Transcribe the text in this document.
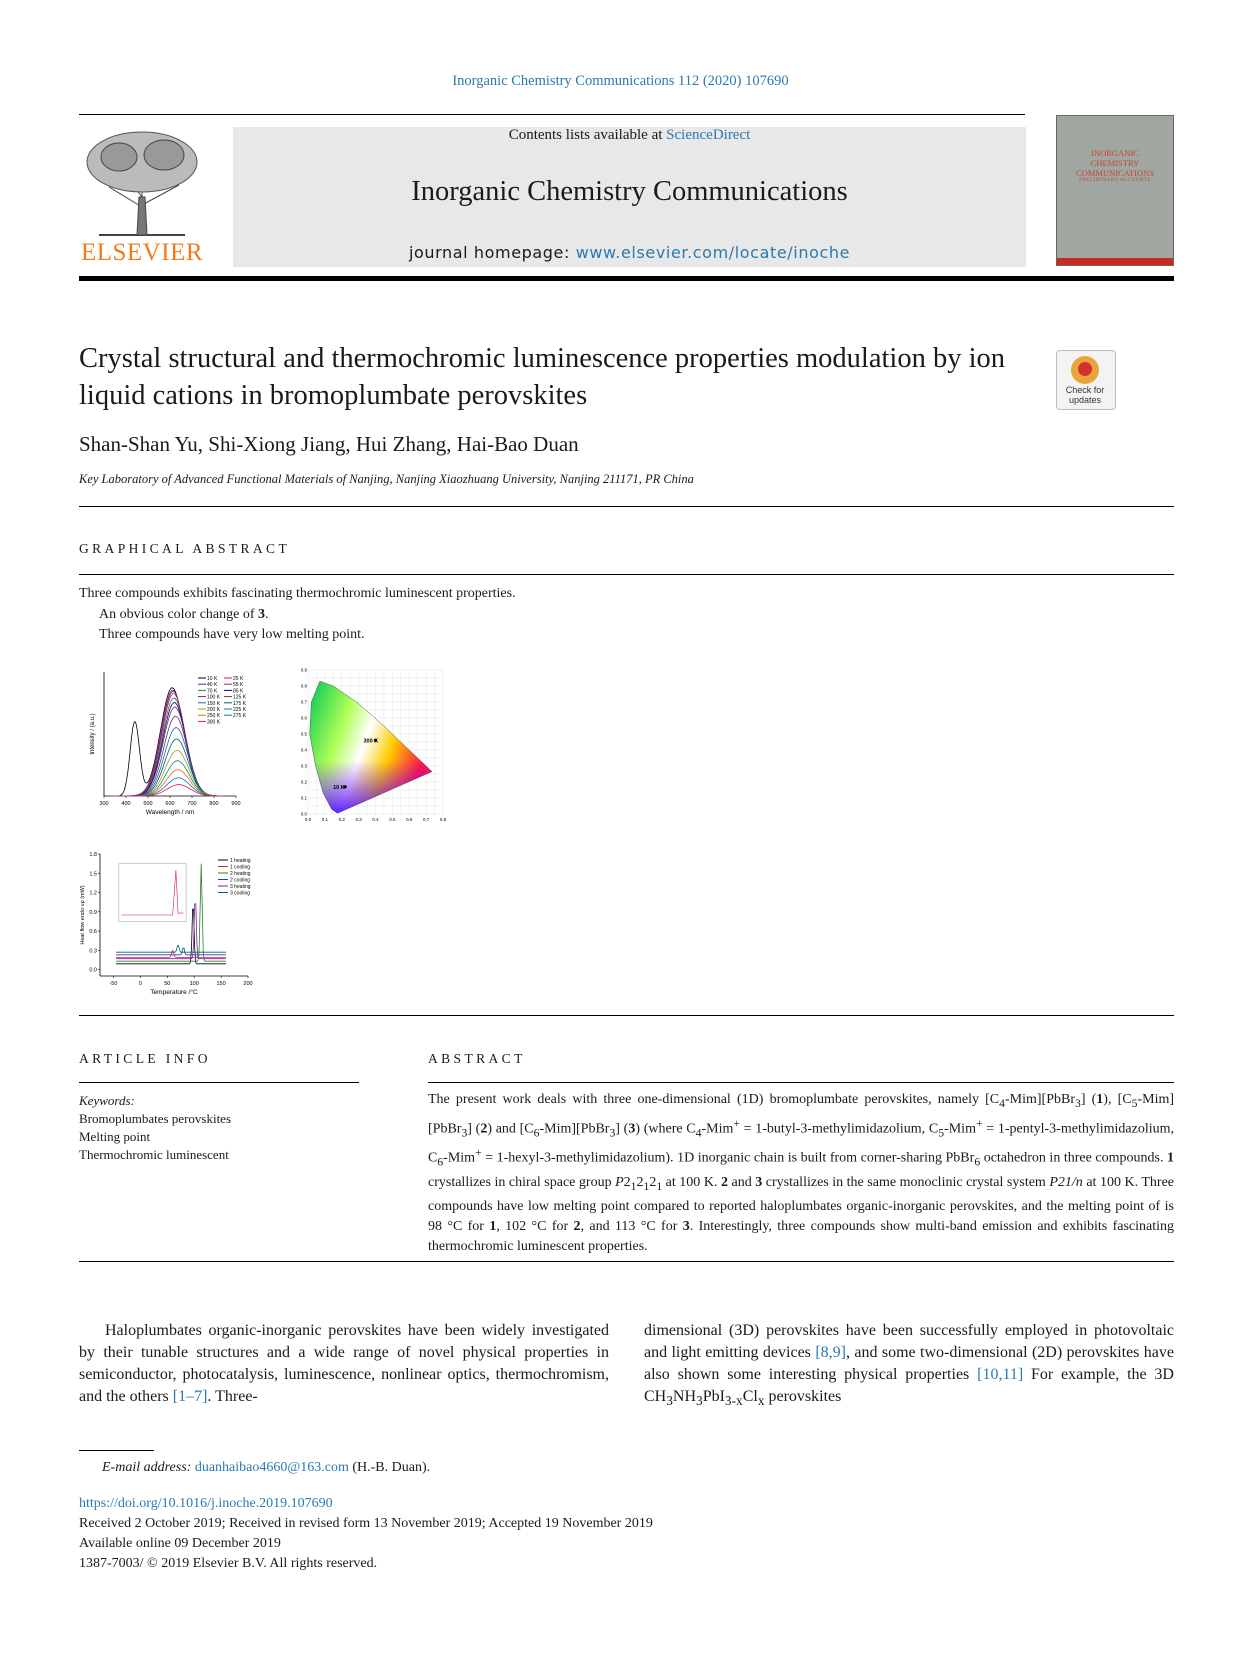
Inorganic Chemistry Communications 112 (2020) 107690
ELSEVIER
Contents lists available at ScienceDirect
Inorganic Chemistry Communications
journal homepage: www.elsevier.com/locate/inoche
INORGANIC
CHEMISTRY
COMMUNICATIONS
PRELIMINARY ACCOUNTS
Crystal structural and thermochromic luminescence properties modulation by ion liquid cations in bromoplumbate perovskites	Check for updates
Shan-Shan Yu, Shi-Xiong Jiang, Hui Zhang, Hai-Bao Duan
Key Laboratory of Advanced Functional Materials of Nanjing, Nanjing Xiaozhuang University, Nanjing 211171, PR China
GRAPHICAL ABSTRACT
Three compounds exhibits fascinating thermochromic luminescent properties.
An obvious color change of 3.
Three compounds have very low melting point.
300 400 500 600 700 800 900
Wavelength / nm
Intensity / (a.u.)
10 K	25 K
40 K	55 K
70 K	85 K
100 K	125 K
150 K	175 K
200 K	225 K
250 K	275 K
300 K
300 K
10 K
0.0 0.1 0.2 0.3 0.4 0.5 0.6 0.7 0.8
0.0
0.1
0.2
0.3
0.4
0.5
0.6
0.7
0.8
0.9
-50	0	50	100	150	200
0.0
0.3
0.6
0.9
1.2
1.5
1.8
Temperature /°C
Heat flow endo up (mW)
1 heating
1 cooling
2 heating
2 cooling
3 heating
3 cooling
ARTICLE INFO	ABSTRACT
Keywords:
Bromoplumbates perovskites
Melting point
Thermochromic luminescent
The present work deals with three one-dimensional (1D) bromoplumbate perovskites, namely $[C_4-Mim][PbBr_3]$ (1), $[C_5-Mim][PbBr_3]$ (2) and $[C_6-Mim][PbBr_3]$ (3) (where $C_4-Mim^+$ = 1-butyl-3-methylimidazolium, $C_5-Mim^+$ = 1-pentyl-3-methylimidazolium, $C_6-Mim^+$ = 1-hexyl-3-methylimidazolium). 1D inorganic chain is built from corner-sharing PbBr$_6$ octahedron in three compounds. 1 crystallizes in chiral space group $P2_12_12_1$ at 100 K. 2 and 3 crystallizes in the same monoclinic crystal system P21/n at 100 K. Three compounds have low melting point compared to reported haloplumbates organic-inorganic perovskites, and the melting point of is 98 °C for 1, 102 °C for 2, and 113 °C for 3. Interestingly, three compounds show multi-band emission and exhibits fascinating thermochromic luminescent properties.
Haloplumbates organic-inorganic perovskites have been widely investigated by their tunable structures and a wide range of novel physical properties in semiconductor, photocatalysis, luminescence, nonlinear optics, thermochromism, and the others [1–7]. Three-
dimensional (3D) perovskites have been successfully employed in photovoltaic and light emitting devices [8,9], and some two-dimensional (2D) perovskites have also shown some interesting physical properties [10,11] For example, the 3D $CH_3NH_3PbI_{3-x}Cl_x$ perovskites
E-mail address: duanhaibao4660@163.com (H.-B. Duan).
https://doi.org/10.1016/j.inoche.2019.107690
Received 2 October 2019; Received in revised form 13 November 2019; Accepted 19 November 2019
Available online 09 December 2019
1387-7003/ © 2019 Elsevier B.V. All rights reserved.
